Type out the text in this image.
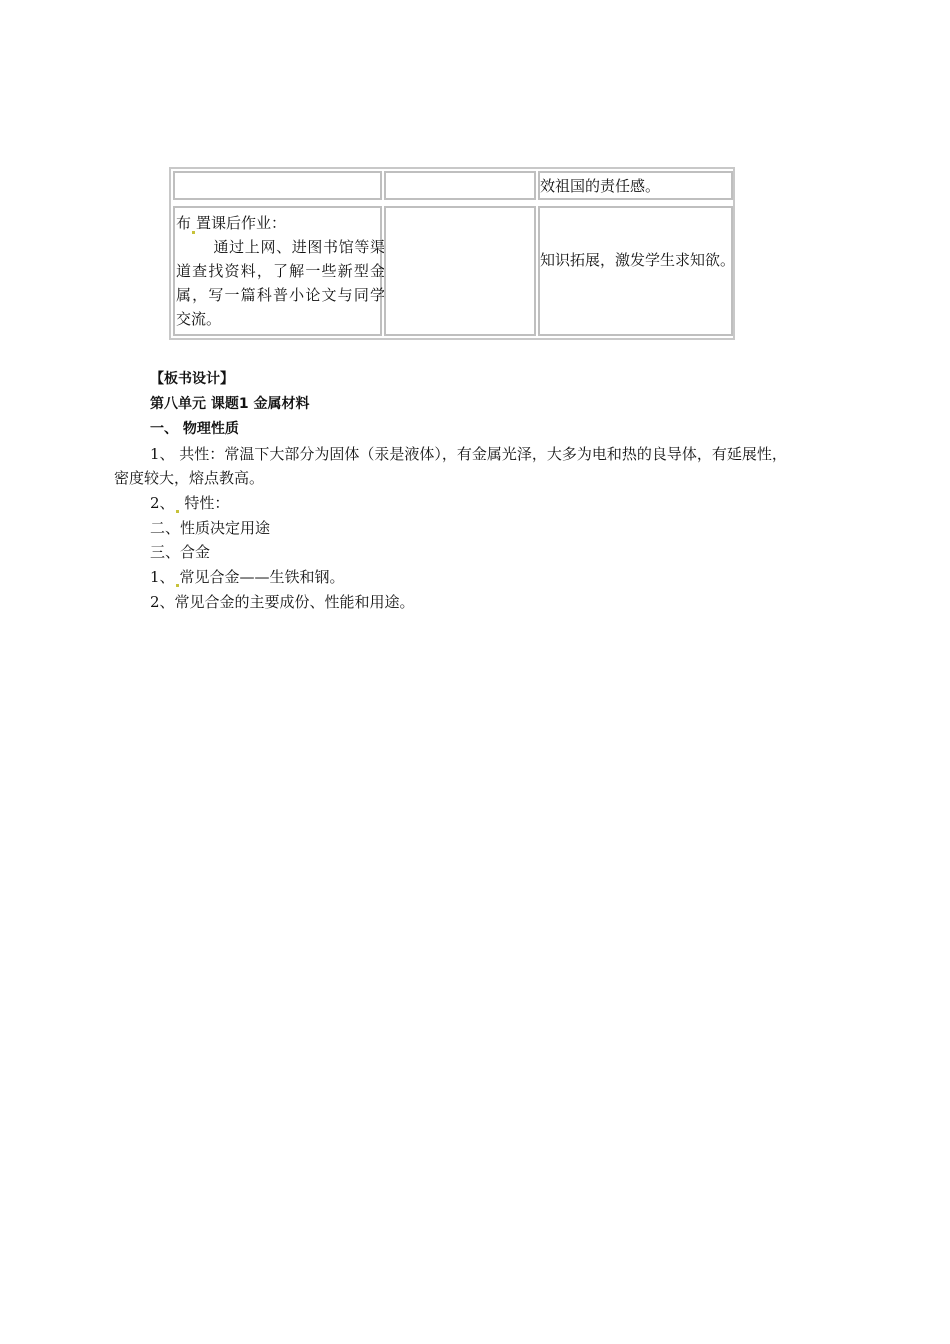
效祖国的责任感。
布 置课后作业：
通过上网、进图书馆等渠道查找资料，了解一些新型金属，写一篇科普小论文与同学交流。
知识拓展，激发学生求知欲。
【板书设计】
第八单元 课题1 金属材料
一、 物理性质
1、 共性：常温下大部分为固体（汞是液体），有金属光泽，大多为电和热的良导体，有延展性，密度较大，熔点教高。
2、 特性：
二、性质决定用途
三、合金
1、 常见合金——生铁和钢。
2、常见合金的主要成份、性能和用途。
